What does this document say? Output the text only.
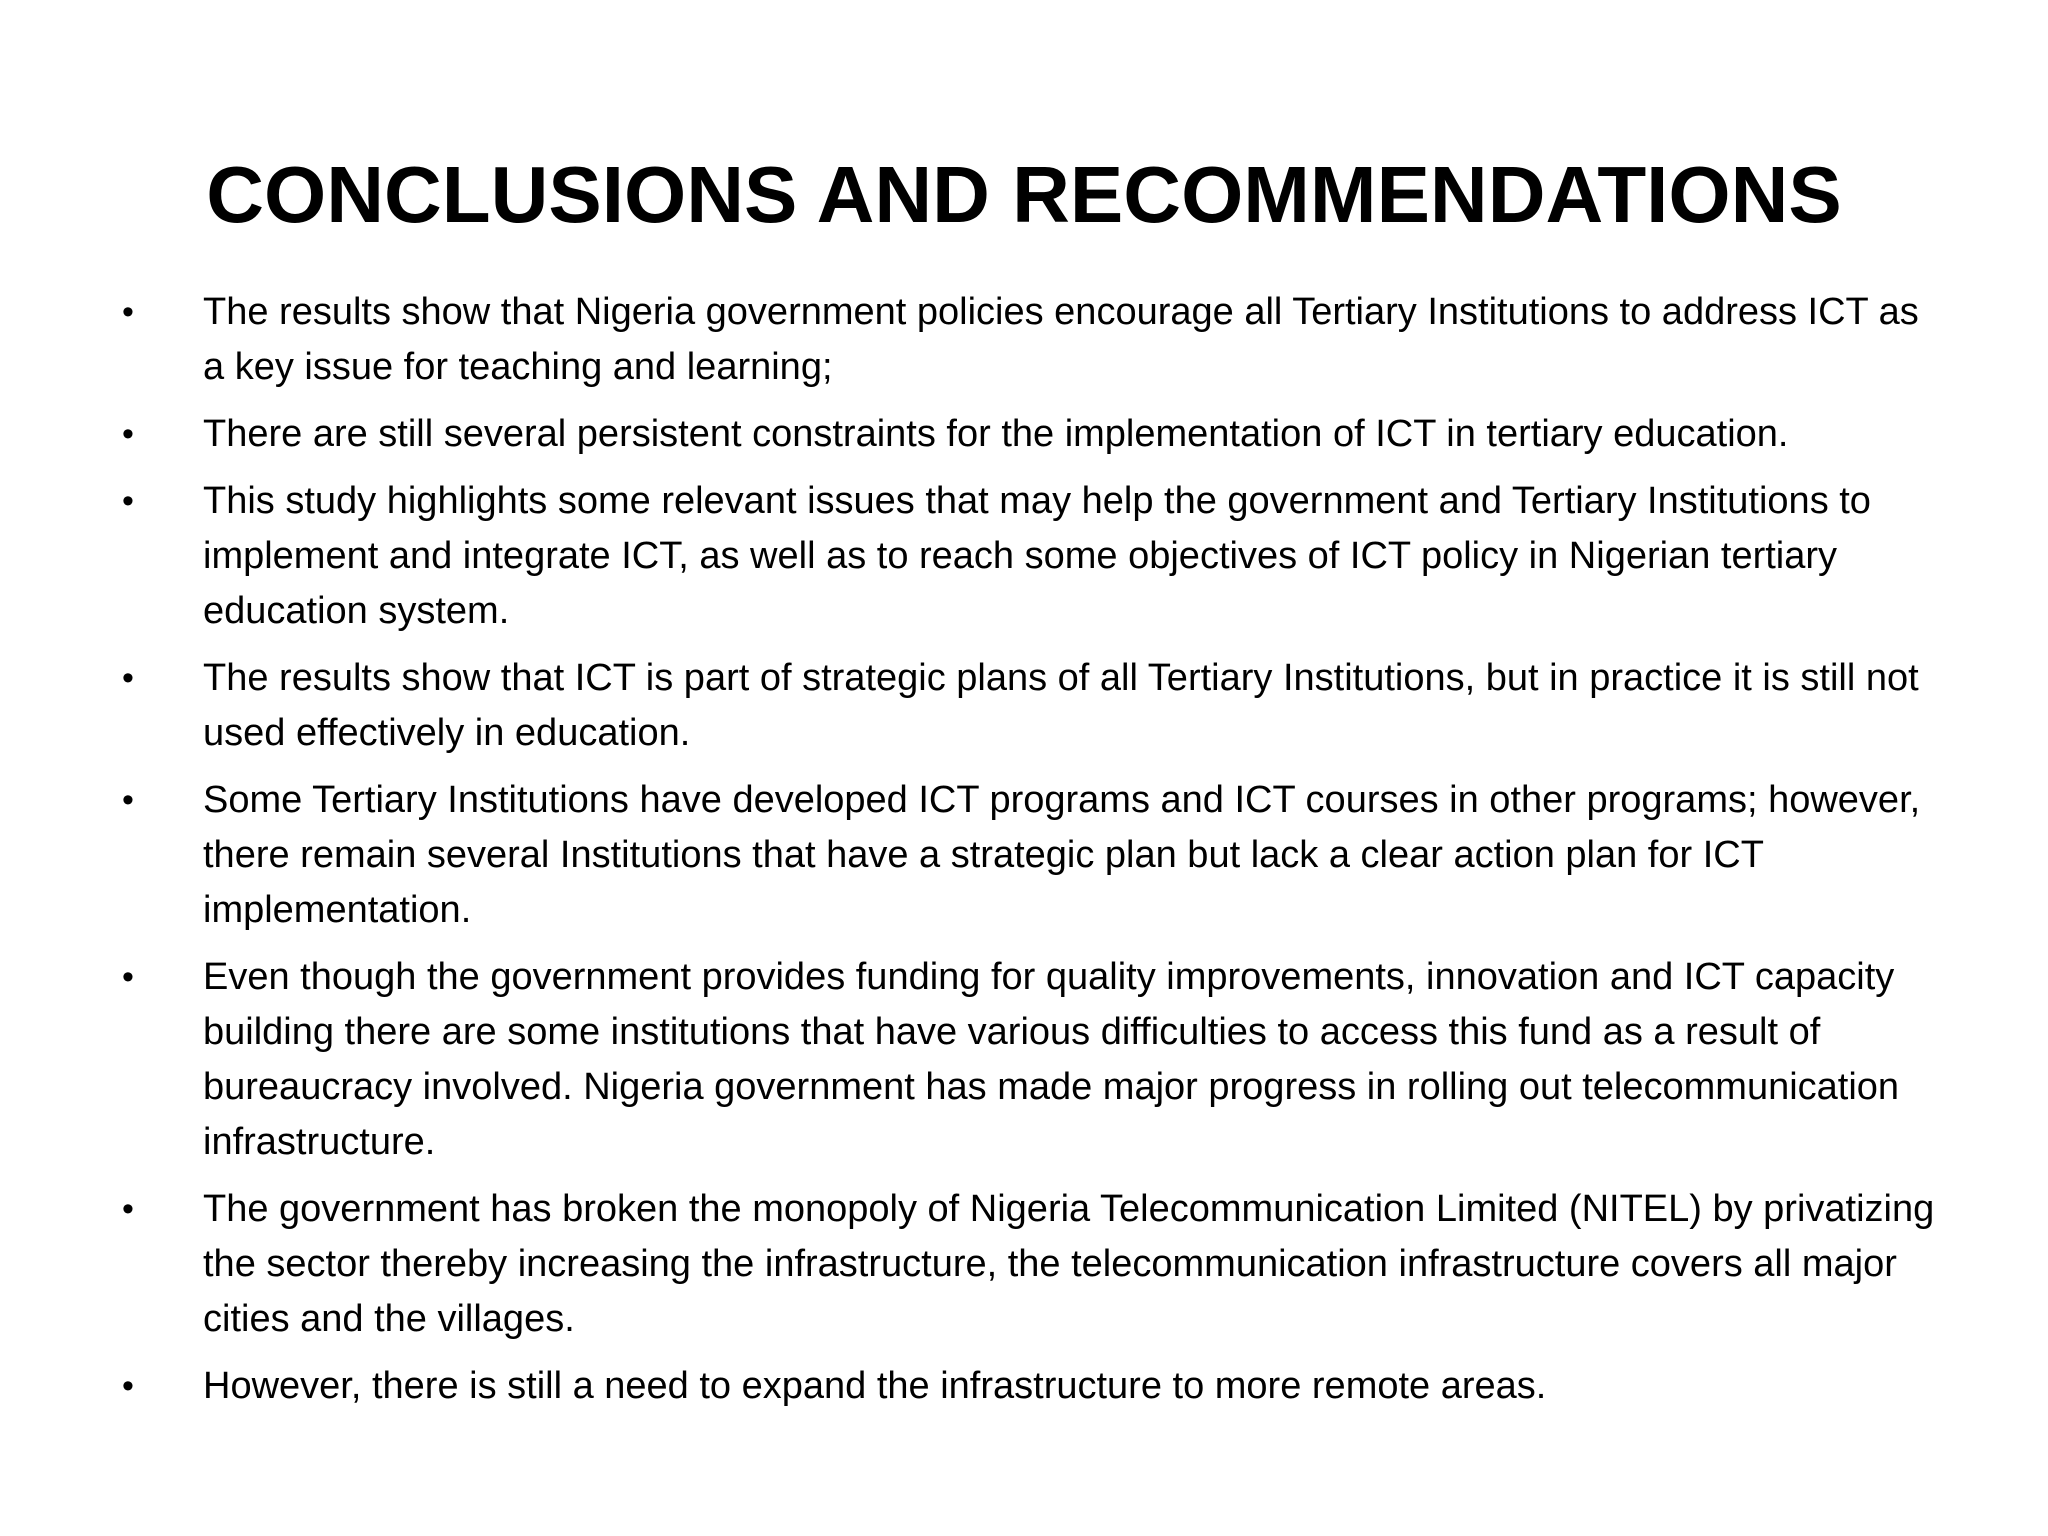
CONCLUSIONS AND RECOMMENDATIONS
•	The results show that Nigeria government policies encourage all Tertiary Institutions to address ICT as a key issue for teaching and learning;
•	There are still several persistent constraints for the implementation of ICT in tertiary education.
•	This study highlights some relevant issues that may help the government and Tertiary Institutions to implement and integrate ICT, as well as to reach some objectives of ICT policy in Nigerian tertiary education system.
•	The results show that ICT is part of strategic plans of all Tertiary Institutions, but in practice it is still not used effectively in education.
•	Some Tertiary Institutions have developed ICT programs and ICT courses in other programs; however, there remain several Institutions that have a strategic plan but lack a clear action plan for ICT implementation.
•	Even though the government provides funding for quality improvements, innovation and ICT capacity building there are some institutions that have various difficulties to access this fund as a result of bureaucracy involved. Nigeria government has made major progress in rolling out telecommunication infrastructure.
•	The government has broken the monopoly of Nigeria Telecommunication Limited (NITEL) by privatizing the sector thereby increasing the infrastructure, the telecommunication infrastructure covers all major cities and the villages.
•	However, there is still a need to expand the infrastructure to more remote areas.
